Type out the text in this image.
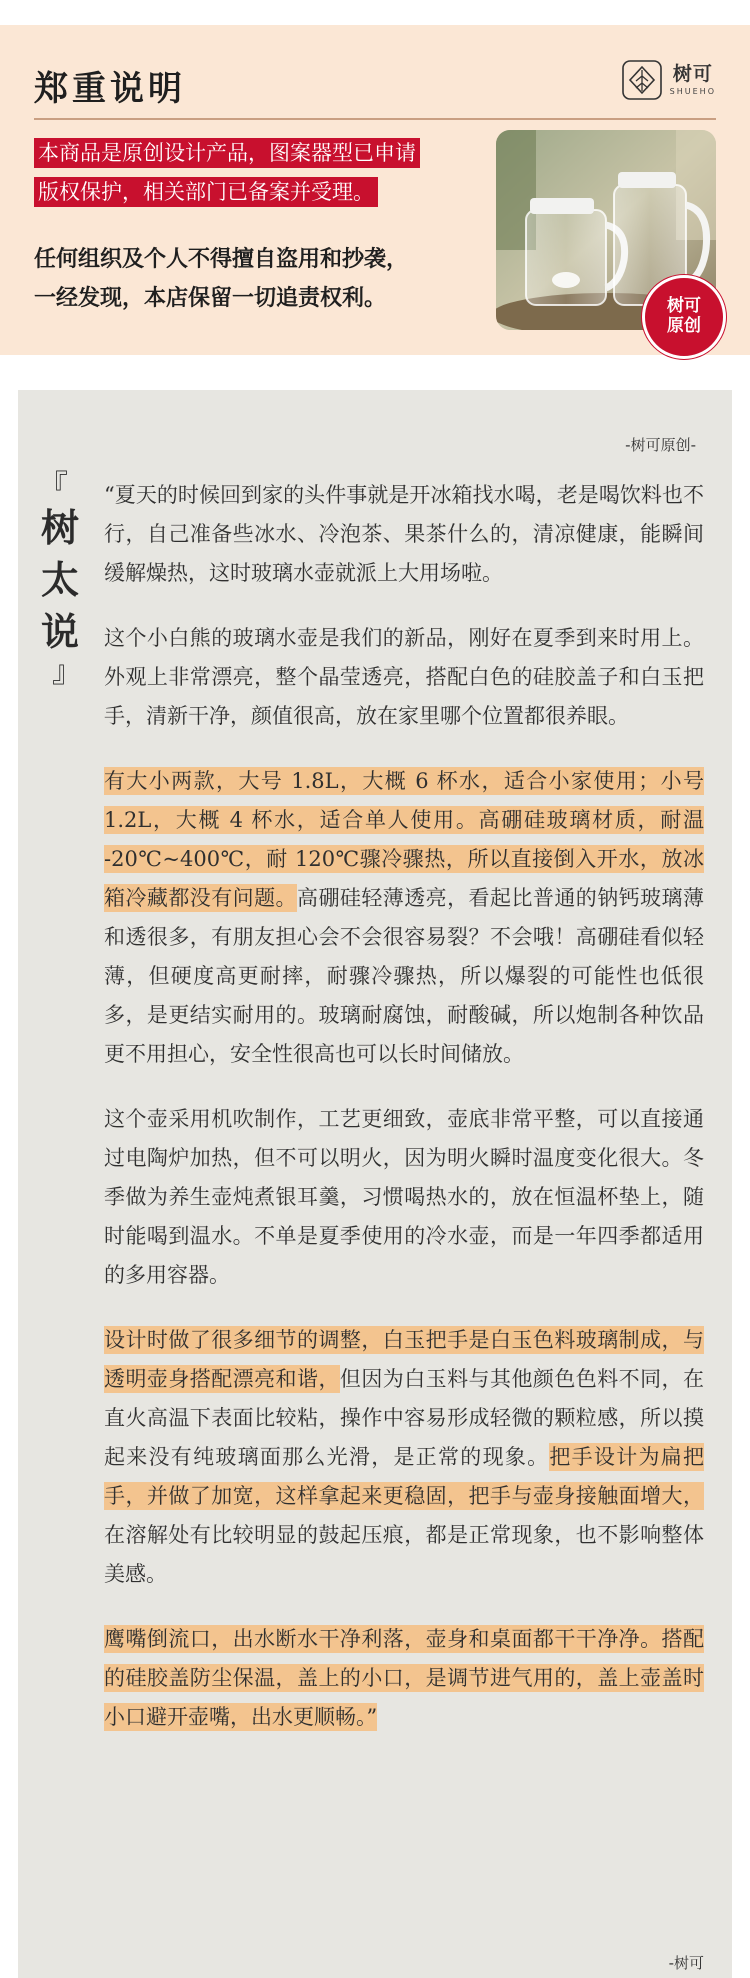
郑重说明	树可
SHUEHO
本商品是原创设计产品，图案器型已申请
版权保护，相关部门已备案并受理。
任何组织及个人不得擅自盗用和抄袭，
一经发现，本店保留一切追责权利。	树可
原创
-树可原创-
『
树
太
说
』

“夏天的时候回到家的头件事就是开冰箱找水喝，老是喝饮料也不行，自己准备些冰水、冷泡茶、果茶什么的，清凉健康，能瞬间缓解燥热，这时玻璃水壶就派上大用场啦。

这个小白熊的玻璃水壶是我们的新品，刚好在夏季到来时用上。外观上非常漂亮，整个晶莹透亮，搭配白色的硅胶盖子和白玉把手，清新干净，颜值很高，放在家里哪个位置都很养眼。

有大小两款，大号 1.8L，大概 6 杯水，适合小家使用；小号 1.2L，大概 4 杯水，适合单人使用。高硼硅玻璃材质，耐温 -20℃~400℃，耐 120℃骤冷骤热，所以直接倒入开水，放冰箱冷藏都没有问题。高硼硅轻薄透亮，看起比普通的钠钙玻璃薄和透很多，有朋友担心会不会很容易裂？不会哦！高硼硅看似轻薄，但硬度高更耐摔，耐骤冷骤热，所以爆裂的可能性也低很多，是更结实耐用的。玻璃耐腐蚀，耐酸碱，所以炮制各种饮品更不用担心，安全性很高也可以长时间储放。

这个壶采用机吹制作，工艺更细致，壶底非常平整，可以直接通过电陶炉加热，但不可以明火，因为明火瞬时温度变化很大。冬季做为养生壶炖煮银耳羹，习惯喝热水的，放在恒温杯垫上，随时能喝到温水。不单是夏季使用的冷水壶，而是一年四季都适用的多用容器。

设计时做了很多细节的调整，白玉把手是白玉色料玻璃制成，与透明壶身搭配漂亮和谐，但因为白玉料与其他颜色色料不同，在直火高温下表面比较粘，操作中容易形成轻微的颗粒感，所以摸起来没有纯玻璃面那么光滑，是正常的现象。把手设计为扁把手，并做了加宽，这样拿起来更稳固，把手与壶身接触面增大，在溶解处有比较明显的鼓起压痕，都是正常现象，也不影响整体美感。

鹰嘴倒流口，出水断水干净利落，壶身和桌面都干干净净。搭配的硅胶盖防尘保温，盖上的小口，是调节进气用的，盖上壶盖时小口避开壶嘴，出水更顺畅。”

-树可
